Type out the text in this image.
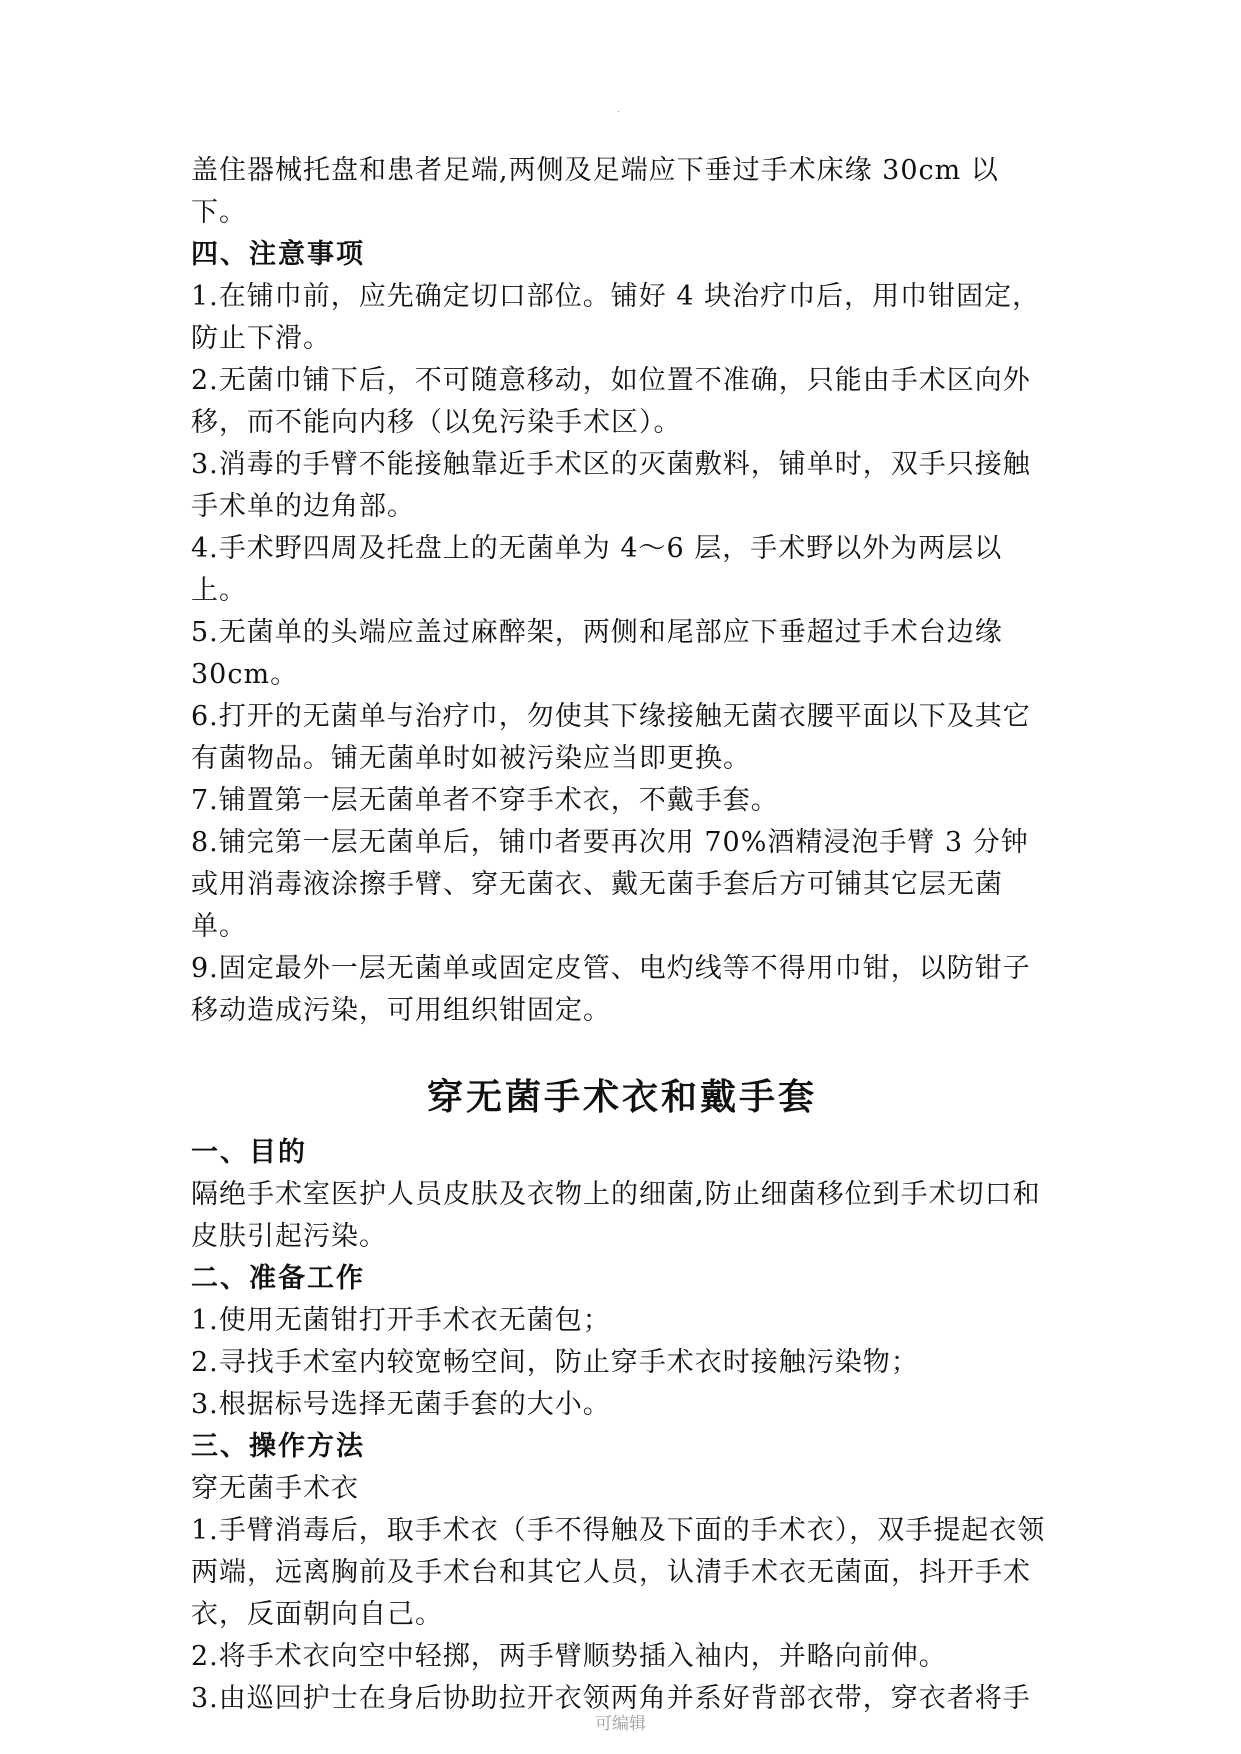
.

盖住器械托盘和患者足端,两侧及足端应下垂过手术床缘 30cm 以下。

四、注意事项

1.在铺巾前，应先确定切口部位。铺好 4 块治疗巾后，用巾钳固定，防止下滑。

2.无菌巾铺下后，不可随意移动，如位置不准确，只能由手术区向外移，而不能向内移（以免污染手术区）。

3.消毒的手臂不能接触靠近手术区的灭菌敷料，铺单时，双手只接触手术单的边角部。

4.手术野四周及托盘上的无菌单为 4～6 层，手术野以外为两层以上。

5.无菌单的头端应盖过麻醉架，两侧和尾部应下垂超过手术台边缘 30cm。

6.打开的无菌单与治疗巾，勿使其下缘接触无菌衣腰平面以下及其它有菌物品。铺无菌单时如被污染应当即更换。

7.铺置第一层无菌单者不穿手术衣，不戴手套。

8.铺完第一层无菌单后，铺巾者要再次用 70%酒精浸泡手臂 3 分钟或用消毒液涂擦手臂、穿无菌衣、戴无菌手套后方可铺其它层无菌单。

9.固定最外一层无菌单或固定皮管、电灼线等不得用巾钳，以防钳子移动造成污染，可用组织钳固定。

穿无菌手术衣和戴手套

一、目的

隔绝手术室医护人员皮肤及衣物上的细菌,防止细菌移位到手术切口和皮肤引起污染。

二、准备工作

1.使用无菌钳打开手术衣无菌包；

2.寻找手术室内较宽畅空间，防止穿手术衣时接触污染物；

3.根据标号选择无菌手套的大小。

三、操作方法

穿无菌手术衣

1.手臂消毒后，取手术衣（手不得触及下面的手术衣），双手提起衣领两端，远离胸前及手术台和其它人员，认清手术衣无菌面，抖开手术衣，反面朝向自己。

2.将手术衣向空中轻掷，两手臂顺势插入袖内，并略向前伸。

3.由巡回护士在身后协助拉开衣领两角并系好背部衣带，穿衣者将手

可编辑
